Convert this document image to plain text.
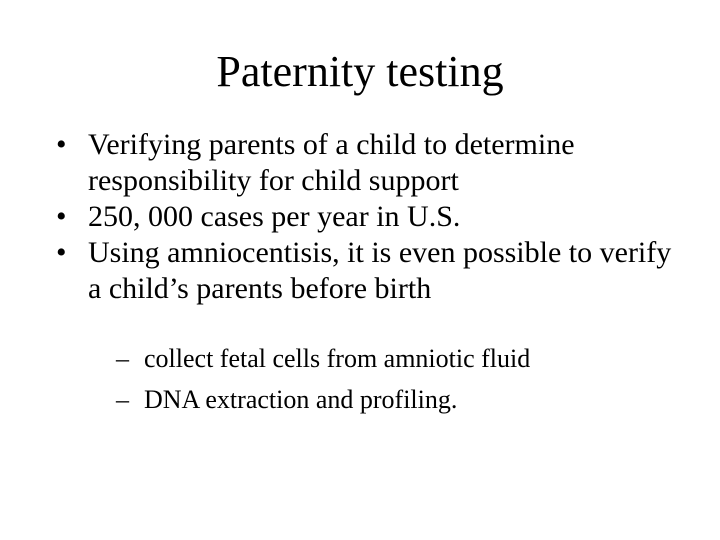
Paternity testing
• Verifying parents of a child to determine responsibility for child support
• 250, 000 cases per year in U.S.
• Using amniocentisis, it is even possible to verify a child’s parents before birth
– collect fetal cells from amniotic fluid
– DNA extraction and profiling.
